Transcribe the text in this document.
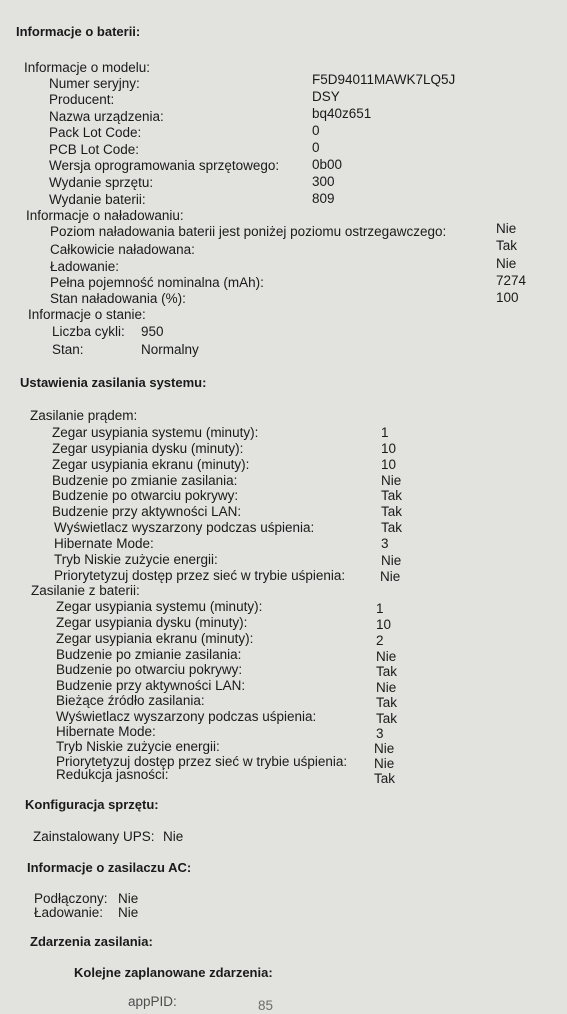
Informacje o baterii:
Informacje o modelu:
Numer seryjny:	F5D94011MAWK7LQ5J
Producent:	DSY
Nazwa urządzenia:	bq40z651
Pack Lot Code:	0
PCB Lot Code:	0
Wersja oprogramowania sprzętowego: 0b00
Wydanie sprzętu:	300
Wydanie baterii:	809
Informacje o naładowaniu:
Poziom naładowania baterii jest poniżej poziomu ostrzegawczego:	Nie
Całkowicie naładowana:	Tak
Ładowanie:	Nie
Pełna pojemność nominalna (mAh):	7274
Stan naładowania (%):	100
Informacje o stanie:
Liczba cykli: 950
Stan:	Normalny
Ustawienia zasilania systemu:
Zasilanie prądem:
Zegar usypiania systemu (minuty):	1
Zegar usypiania dysku (minuty):	10
Zegar usypiania ekranu (minuty):	10
Budzenie po zmianie zasilania:	Nie
Budzenie po otwarciu pokrywy:	Tak
Budzenie przy aktywności LAN:	Tak
Wyświetlacz wyszarzony podczas uśpienia:	Tak
Hibernate Mode:	3
Tryb Niskie zużycie energii:	Nie
Priorytetyzuj dostęp przez sieć w trybie uśpienia:	Nie
Zasilanie z baterii:
Zegar usypiania systemu (minuty):	1
Zegar usypiania dysku (minuty):	10
Zegar usypiania ekranu (minuty):	2
Budzenie po zmianie zasilania:	Nie
Budzenie po otwarciu pokrywy:	Tak
Budzenie przy aktywności LAN:	Nie
Bieżące źródło zasilania:	Tak
Wyświetlacz wyszarzony podczas uśpienia:	Tak
Hibernate Mode:	3
Tryb Niskie zużycie energii:	Nie
Priorytetyzuj dostęp przez sieć w trybie uśpienia: Nie
Redukcja jasności:	Tak
Konfiguracja sprzętu:
Zainstalowany UPS: Nie
Informacje o zasilaczu AC:
Podłączony: Nie
Ładowanie: Nie
Zdarzenia zasilania:
Kolejne zaplanowane zdarzenia:
appPID:	85
